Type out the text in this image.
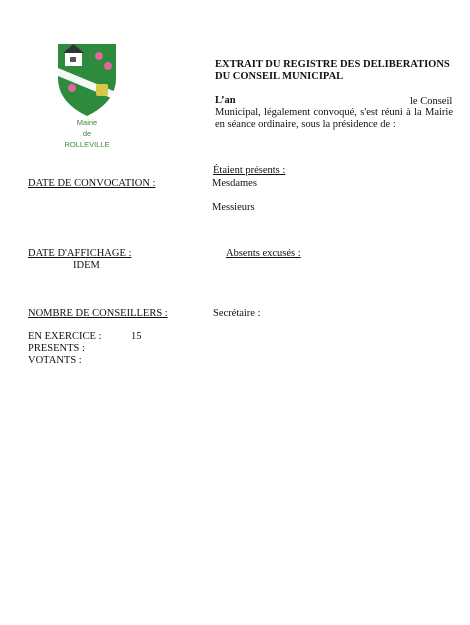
Mairie
de
ROLLEVILLE
EXTRAIT DU REGISTRE DES DELIBERATIONS
DU CONSEIL MUNICIPAL
L’an	le Conseil
Municipal, légalement convoqué, s'est réuni à la Mairie en séance ordinaire, sous la présidence de :
Étaient présents :
Mesdames
Messieurs
DATE DE CONVOCATION :
DATE D'AFFICHAGE :
IDEM
Absents excusés :
NOMBRE DE CONSEILLERS :
EN EXERCICE :	15
PRESENTS :
VOTANTS :
Secrétaire :
